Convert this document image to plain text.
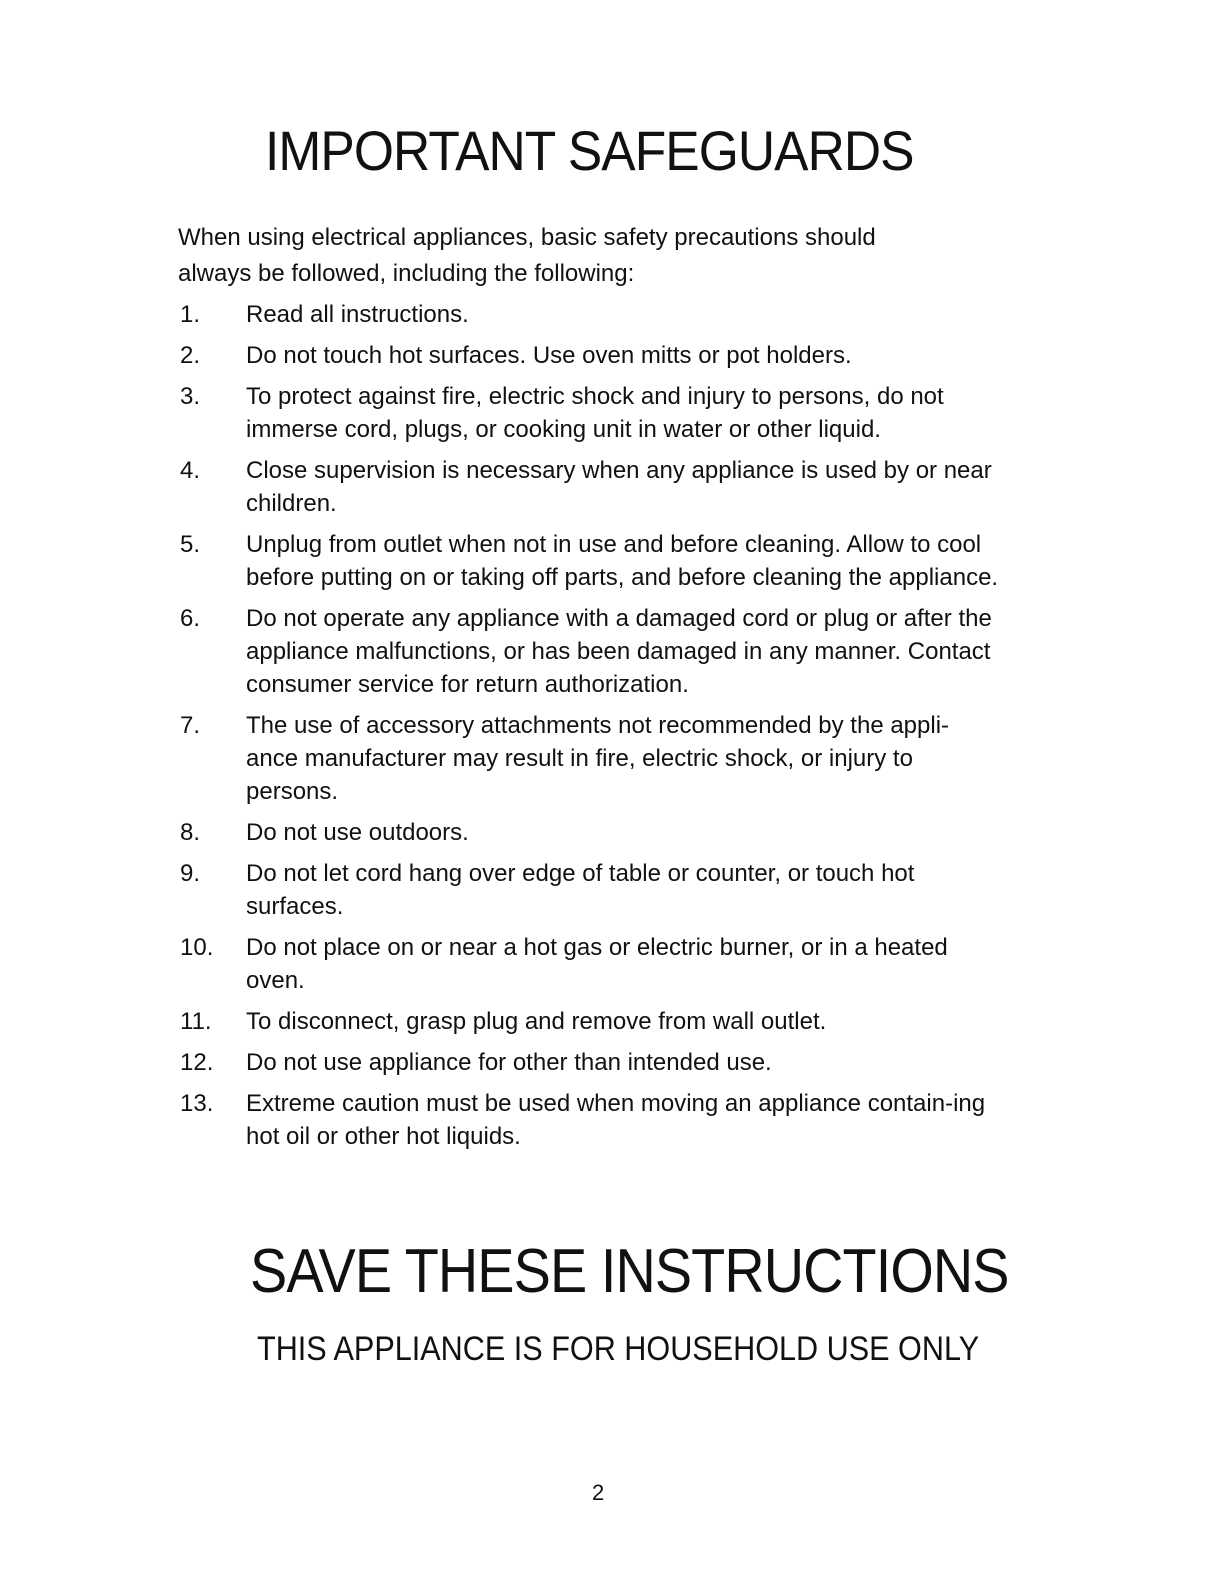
IMPORTANT SAFEGUARDS

When using electrical appliances, basic safety precautions should always be followed, including the following:

1.	Read all instructions.
2.	Do not touch hot surfaces. Use oven mitts or pot holders.
3.	To protect against fire, electric shock and injury to persons, do not immerse cord, plugs, or cooking unit in water or other liquid.
4.	Close supervision is necessary when any appliance is used by or near children.
5.	Unplug from outlet when not in use and before cleaning. Allow to cool before putting on or taking off parts, and before cleaning the appliance.
6.	Do not operate any appliance with a damaged cord or plug or after the appliance malfunctions, or has been damaged in any manner. Contact consumer service for return authorization.
7.	The use of accessory attachments not recommended by the appli-ance manufacturer may result in fire, electric shock, or injury to persons.
8.	Do not use outdoors.
9.	Do not let cord hang over edge of table or counter, or touch hot surfaces.
10.	Do not place on or near a hot gas or electric burner, or in a heated oven.
11.	To disconnect, grasp plug and remove from wall outlet.
12.	Do not use appliance for other than intended use.
13.	Extreme caution must be used when moving an appliance contain-ing hot oil or other hot liquids.
SAVE THESE INSTRUCTIONS
THIS APPLIANCE IS FOR HOUSEHOLD USE ONLY
2
